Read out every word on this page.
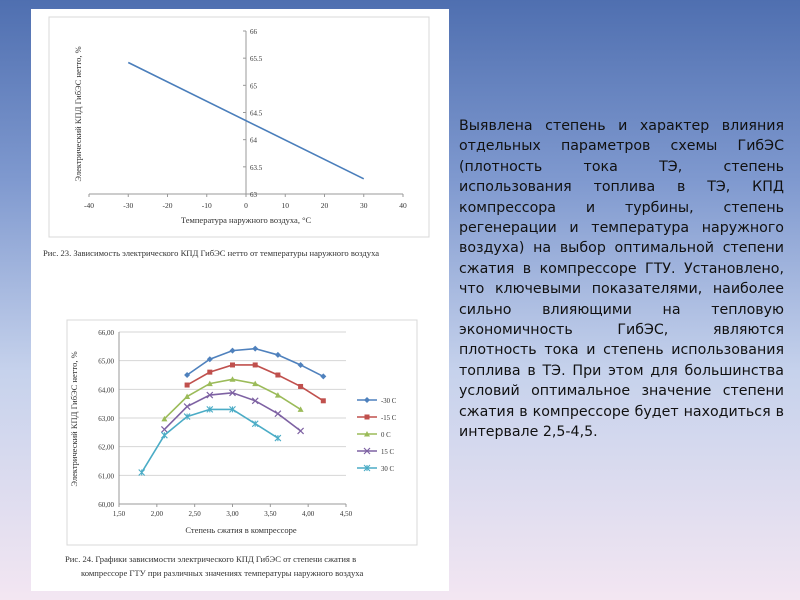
63
63.5
64
64.5
65
65.5
66
-40	-30	-20	-10	0	10	20	30	40
Температура наружного воздуха, °C
Электрический КПД ГибЭС нетто, %
Рис. 23. Зависимость электрического КПД ГибЭС нетто от температуры наружного воздуха
60,00
61,00
62,00
63,00
64,00
65,00
66,00
1,50	2,00	2,50	3,00	3,50	4,00	4,50
-30 C
-15 C
0 C
15 C
30 C
Степень сжатия в компрессоре
Электрический КПД ГибЭС нетто, %
Рис. 24. Графики зависимости электрического КПД ГибЭС от степени сжатия в
компрессоре ГТУ при различных значениях температуры наружного воздуха
Выявлена степень и характер влияния отдельных параметров схемы ГибЭС (плотность тока ТЭ, степень использования топлива в ТЭ, КПД компрессора и турбины, степень регенерации и температура наружного воздуха) на выбор оптимальной степени сжатия в компрессоре ГТУ. Установлено, что ключевыми показателями, наиболее сильно влияющими на тепловую экономичность ГибЭС, являются плотность тока и степень использования топлива в ТЭ. При этом для большинства условий оптимальное значение степени сжатия в компрессоре будет находиться в интервале 2,5-4,5.
